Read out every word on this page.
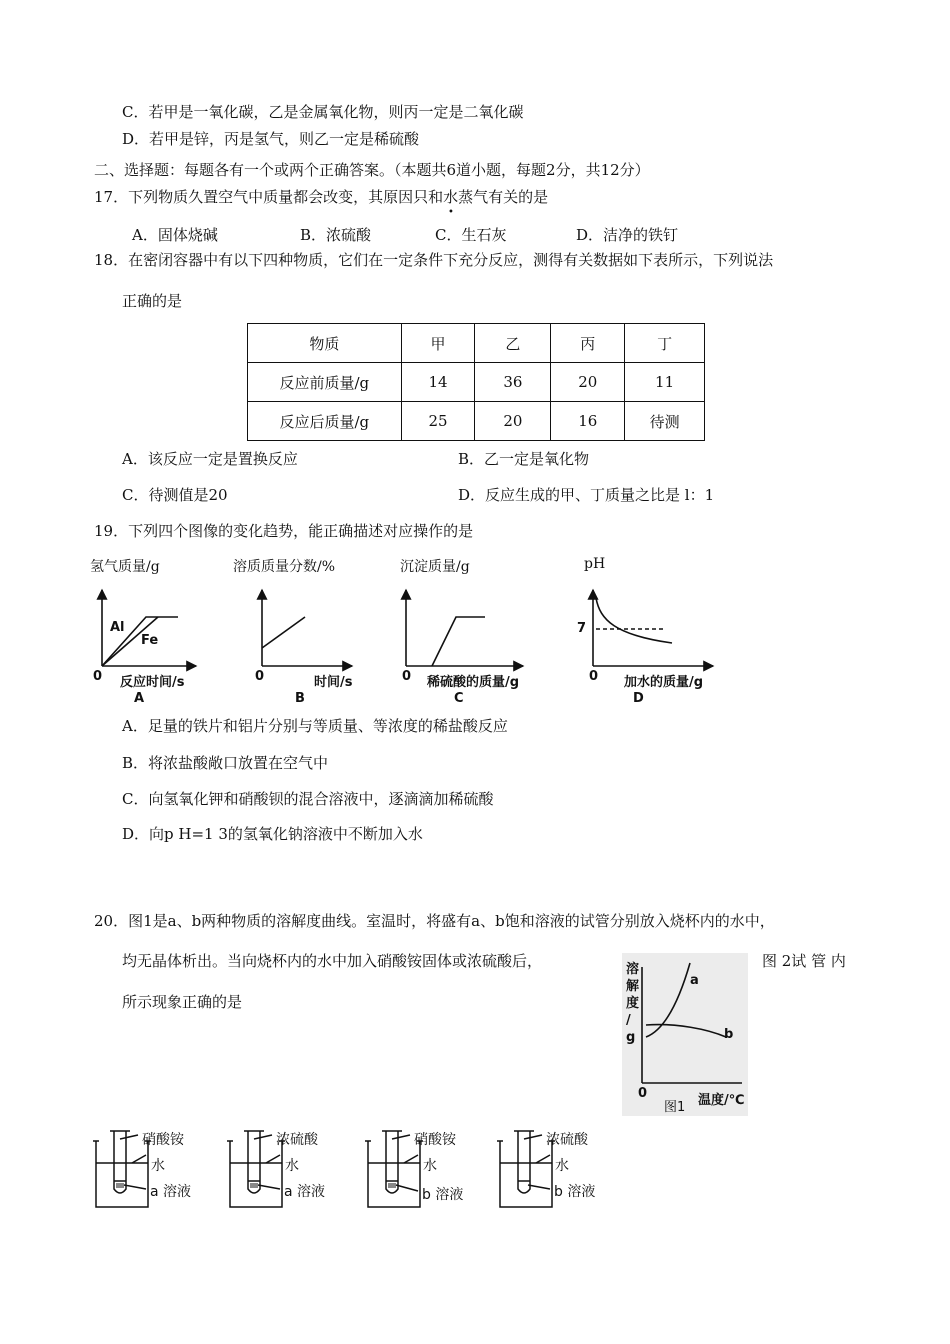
C．若甲是一氧化碳，乙是金属氧化物，则丙一定是二氧化碳
D．若甲是锌，丙是氢气，则乙一定是稀硫酸
二、选择题：每题各有一个或两个正确答案。（本题共6道小题，每题2分，共12分）
17．下列物质久置空气中质量都会改变，其原因只和水蒸气有关的是
•
A．固体烧碱	B．浓硫酸	C．生石灰	D．洁净的铁钉
18．在密闭容器中有以下四种物质，它们在一定条件下充分反应，测得有关数据如下表所示，下列说法
正确的是
物质	甲	乙	丙	丁
反应前质量/g	14	36	20	11
反应后质量/g	25	20	16	待测
A．该反应一定是置换反应	B．乙一定是氧化物
C．待测值是20	D．反应生成的甲、丁质量之比是 l：1
19．下列四个图像的变化趋势，能正确描述对应操作的是
氢气质量/g	溶质质量分数/%	沉淀质量/g	pH
Al
Fe
7
0 反应时间/s	0	时间/s	0 稀硫酸的质量/g	0 加水的质量/g
A	B	C	D
A．足量的铁片和铝片分别与等质量、等浓度的稀盐酸反应
B．将浓盐酸敞口放置在空气中
C．向氢氧化钾和硝酸钡的混合溶液中，逐滴滴加稀硫酸
D．向p H=1 3的氢氧化钠溶液中不断加入水
20．图1是a、b两种物质的溶解度曲线。室温时，将盛有a、b饱和溶液的试管分别放入烧杯内的水中，
均无晶体析出。当向烧杯内的水中加入硝酸铵固体或浓硫酸后，	图 2试 管 内
所示现象正确的是
溶
解
度
/
g
a
b
0
图1 温度/℃
硝酸铵
水
a 溶液
浓硫酸
水
a 溶液
硝酸铵
水
b 溶液
浓硫酸
水
b 溶液
